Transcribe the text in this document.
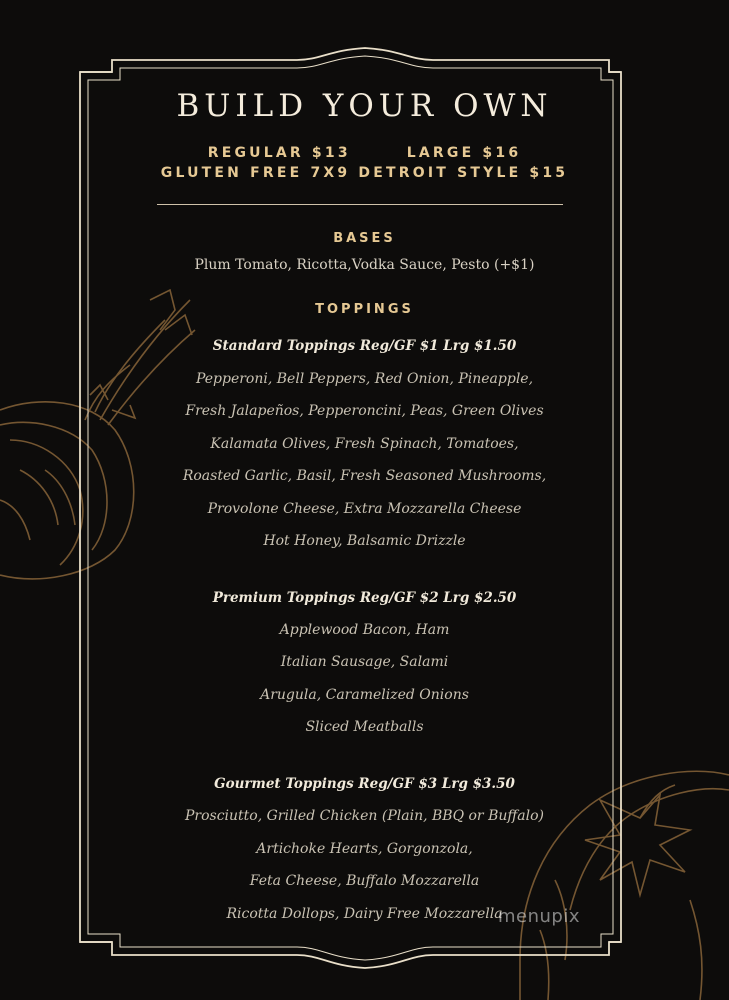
BUILD YOUR OWN
REGULAR $13	LARGE $16
GLUTEN FREE 7X9 DETROIT STYLE $15
BASES
Plum Tomato, Ricotta,Vodka Sauce, Pesto (+$1)
TOPPINGS
Standard Toppings Reg/GF $1 Lrg $1.50
Pepperoni, Bell Peppers, Red Onion, Pineapple,
Fresh Jalapeños, Pepperoncini, Peas, Green Olives
Kalamata Olives, Fresh Spinach, Tomatoes,
Roasted Garlic, Basil, Fresh Seasoned Mushrooms,
Provolone Cheese, Extra Mozzarella Cheese
Hot Honey, Balsamic Drizzle
Premium Toppings Reg/GF $2 Lrg $2.50
Applewood Bacon, Ham
Italian Sausage, Salami
Arugula, Caramelized Onions
Sliced Meatballs
Gourmet Toppings Reg/GF $3 Lrg $3.50
Prosciutto, Grilled Chicken (Plain, BBQ or Buffalo)
Artichoke Hearts, Gorgonzola,
Feta Cheese, Buffalo Mozzarella
Ricotta Dollops, Dairy Free Mozzarella
menupix
